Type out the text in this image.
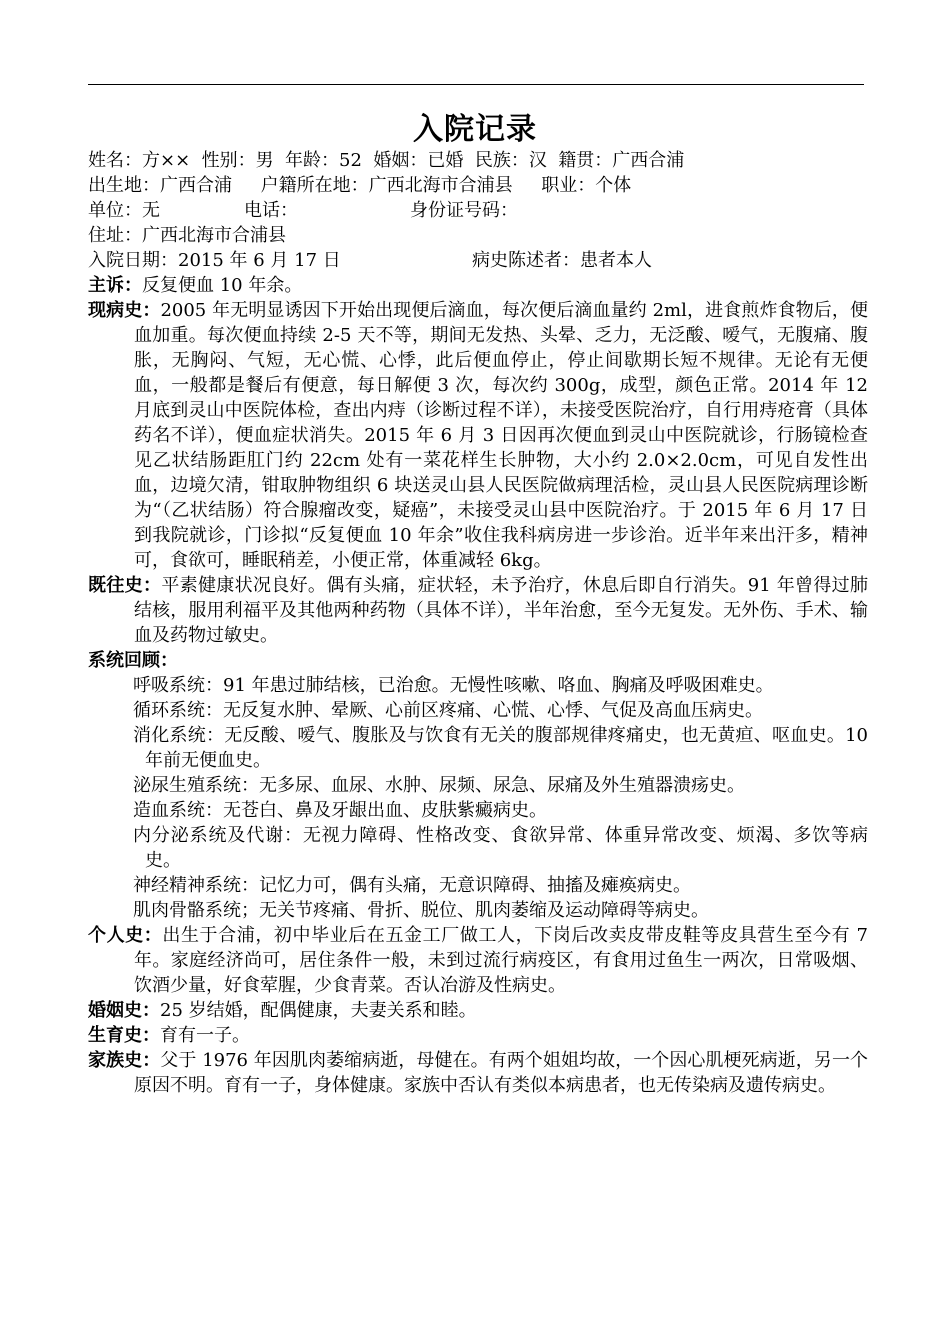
入院记录
姓名：方××  性别：男  年龄：52  婚姻：已婚  民族：汉  籍贯：广西合浦
出生地：广西合浦     户籍所在地：广西北海市合浦县     职业：个体
单位：无	电话：	身份证号码：
住址：广西北海市合浦县
入院日期：2015 年 6 月 17 日	病史陈述者：患者本人
主诉：反复便血 10 年余。
现病史：2005 年无明显诱因下开始出现便后滴血，每次便后滴血量约 2ml，进食煎炸食物后，便血加重。每次便血持续 2-5 天不等，期间无发热、头晕、乏力，无泛酸、嗳气，无腹痛、腹胀，无胸闷、气短，无心慌、心悸，此后便血停止，停止间歇期长短不规律。无论有无便血，一般都是餐后有便意，每日解便 3 次，每次约 300g，成型，颜色正常。2014 年 12 月底到灵山中医院体检，查出内痔（诊断过程不详），未接受医院治疗，自行用痔疮膏（具体药名不详），便血症状消失。2015 年 6 月 3 日因再次便血到灵山中医院就诊，行肠镜检查见乙状结肠距肛门约 22cm 处有一菜花样生长肿物，大小约 2.0×2.0cm，可见自发性出血，边境欠清，钳取肿物组织 6 块送灵山县人民医院做病理活检，灵山县人民医院病理诊断为“（乙状结肠）符合腺瘤改变，疑癌”，未接受灵山县中医院治疗。于 2015 年 6 月 17 日到我院就诊，门诊拟“反复便血 10 年余”收住我科病房进一步诊治。近半年来出汗多，精神可，食欲可，睡眠稍差，小便正常，体重减轻 6kg。
既往史：平素健康状况良好。偶有头痛，症状轻，未予治疗，休息后即自行消失。91 年曾得过肺结核，服用利福平及其他两种药物（具体不详），半年治愈，至今无复发。无外伤、手术、输血及药物过敏史。
系统回顾：
呼吸系统：91 年患过肺结核，已治愈。无慢性咳嗽、咯血、胸痛及呼吸困难史。
循环系统：无反复水肿、晕厥、心前区疼痛、心慌、心悸、气促及高血压病史。
消化系统：无反酸、嗳气、腹胀及与饮食有无关的腹部规律疼痛史，也无黄疸、呕血史。10 年前无便血史。
泌尿生殖系统：无多尿、血尿、水肿、尿频、尿急、尿痛及外生殖器溃疡史。
造血系统：无苍白、鼻及牙龈出血、皮肤紫癜病史。
内分泌系统及代谢：无视力障碍、性格改变、食欲异常、体重异常改变、烦渴、多饮等病史。
神经精神系统：记忆力可，偶有头痛，无意识障碍、抽搐及瘫痪病史。
肌肉骨骼系统；无关节疼痛、骨折、脱位、肌肉萎缩及运动障碍等病史。
个人史：出生于合浦，初中毕业后在五金工厂做工人，下岗后改卖皮带皮鞋等皮具营生至今有 7 年。家庭经济尚可，居住条件一般，未到过流行病疫区，有食用过鱼生一两次，日常吸烟、饮酒少量，好食荤腥，少食青菜。否认冶游及性病史。
婚姻史：25 岁结婚，配偶健康，夫妻关系和睦。
生育史：育有一子。
家族史：父于 1976 年因肌肉萎缩病逝，母健在。有两个姐姐均故，一个因心肌梗死病逝，另一个原因不明。育有一子，身体健康。家族中否认有类似本病患者，也无传染病及遗传病史。
